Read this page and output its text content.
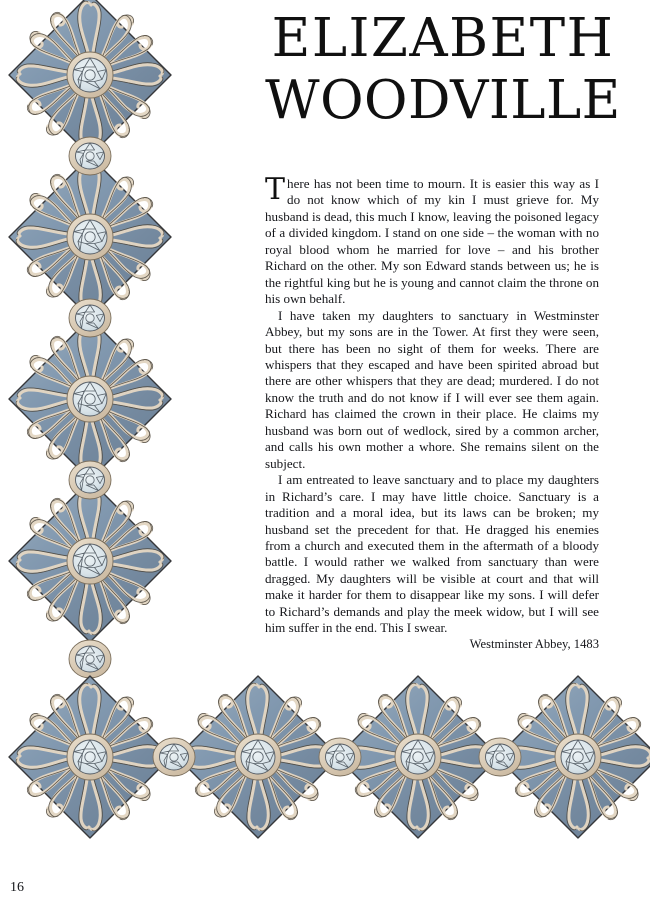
ELIZABETH
WOODVILLE

There has not been time to mourn. It is easier this way as I do not know which of my kin I must grieve for. My husband is dead, this much I know, leaving the poisoned legacy of a divided kingdom. I stand on one side – the woman with no royal blood whom he married for love – and his brother Richard on the other. My son Edward stands between us; he is the rightful king but he is young and cannot claim the throne on his own behalf.

I have taken my daughters to sanctuary in Westminster Abbey, but my sons are in the Tower. At first they were seen, but there has been no sight of them for weeks. There are whispers that they escaped and have been spirited abroad but there are other whispers that they are dead; murdered. I do not know the truth and do not know if I will ever see them again. Richard has claimed the crown in their place. He claims my husband was born out of wedlock, sired by a common archer, and calls his own mother a whore. She remains silent on the subject.

I am entreated to leave sanctuary and to place my daughters in Richard’s care. I may have little choice. Sanctuary is a tradition and a moral idea, but its laws can be broken; my husband set the precedent for that. He dragged his enemies from a church and executed them in the aftermath of a bloody battle. I would rather we walked from sanctuary than were dragged. My daughters will be visible at court and that will make it harder for them to disappear like my sons. I will defer to Richard’s demands and play the meek widow, but I will see him suffer in the end. This I swear.

Westminster Abbey, 1483
16
